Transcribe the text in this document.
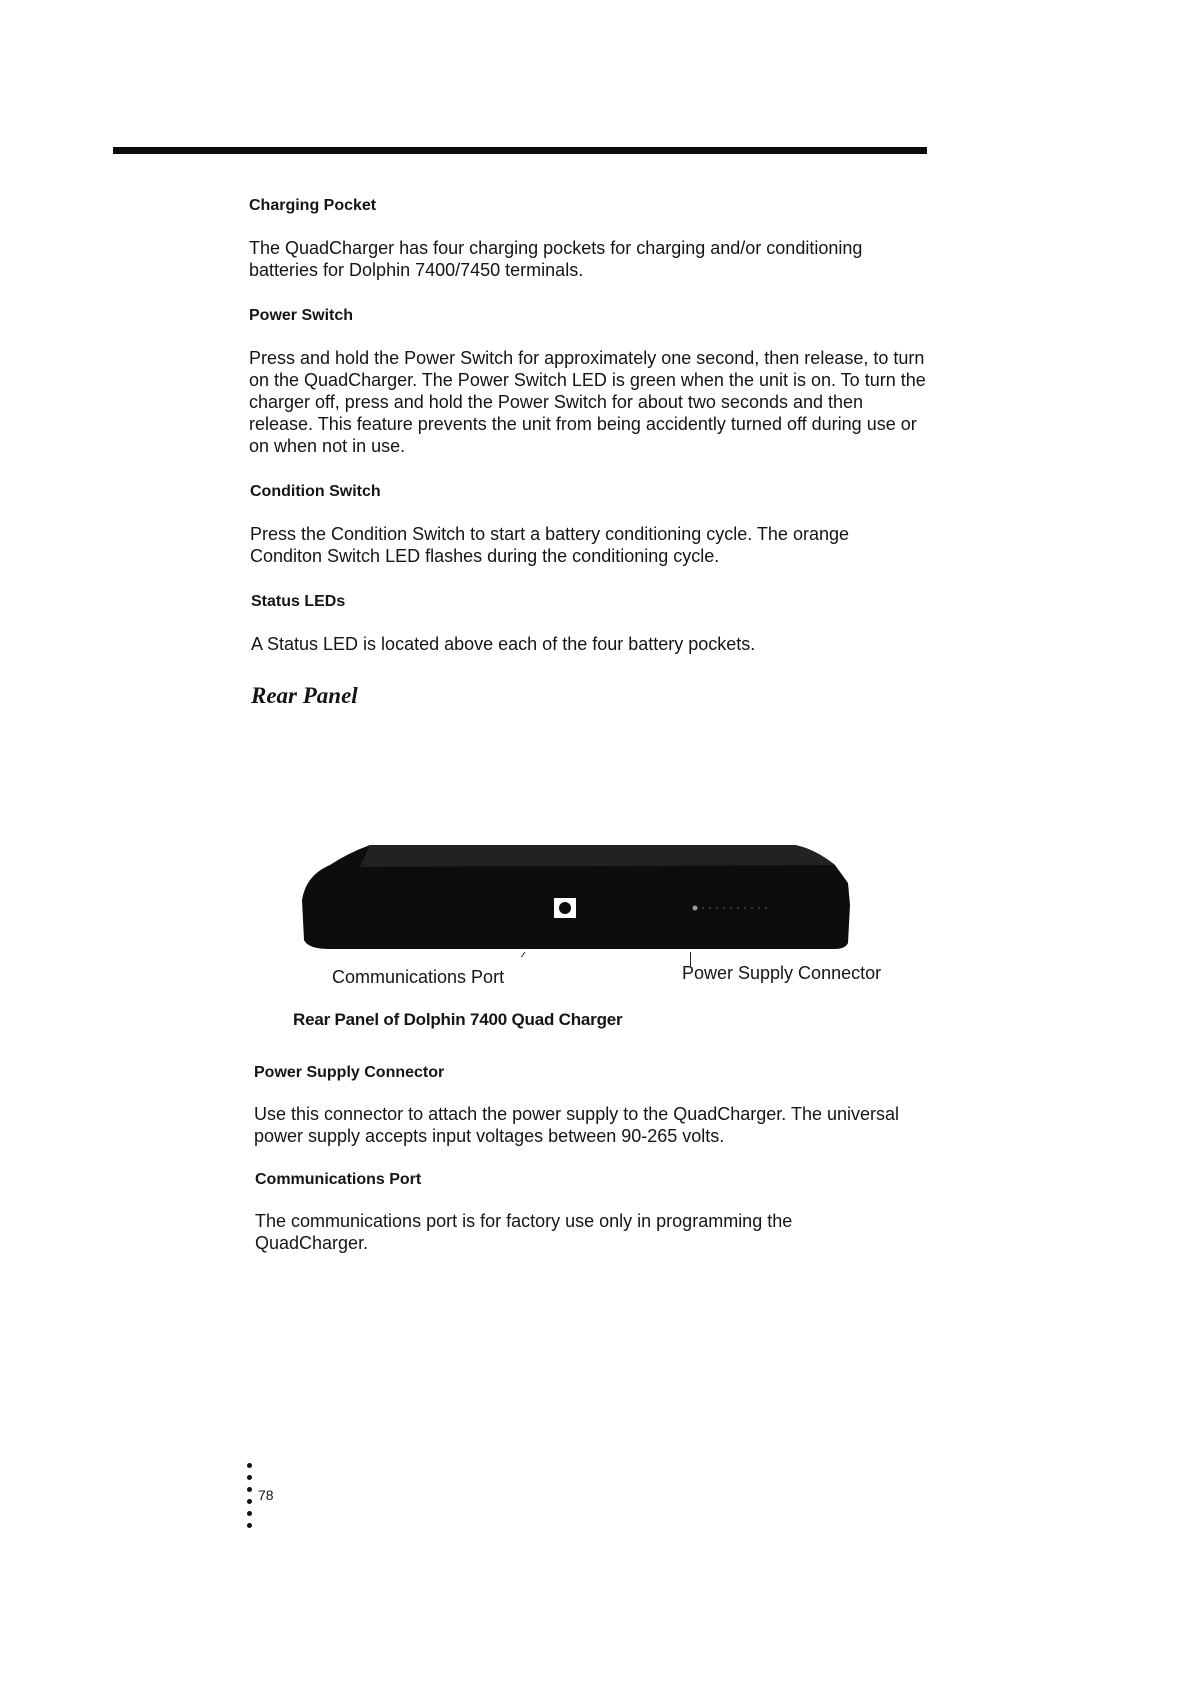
Charging Pocket

The QuadCharger has four charging pockets for charging and/or conditioning batteries for Dolphin 7400/7450 terminals.

Power Switch

Press and hold the Power Switch for approximately one second, then release, to turn on the QuadCharger. The Power Switch LED is green when the unit is on. To turn the charger off, press and hold the Power Switch for about two seconds and then release. This feature prevents the unit from being accidently turned off during use or on when not in use.

Condition Switch

Press the Condition Switch to start a battery conditioning cycle. The orange Conditon Switch LED flashes during the conditioning cycle.

Status LEDs

A Status LED is located above each of the four battery pockets.

Rear Panel
Communications Port	Power Supply Connector
Rear Panel of Dolphin 7400 Quad Charger
Power Supply Connector

Use this connector to attach the power supply to the QuadCharger. The universal power supply accepts input voltages between 90-265 volts.

Communications Port

The communications port is for factory use only in programming the QuadCharger.

78
